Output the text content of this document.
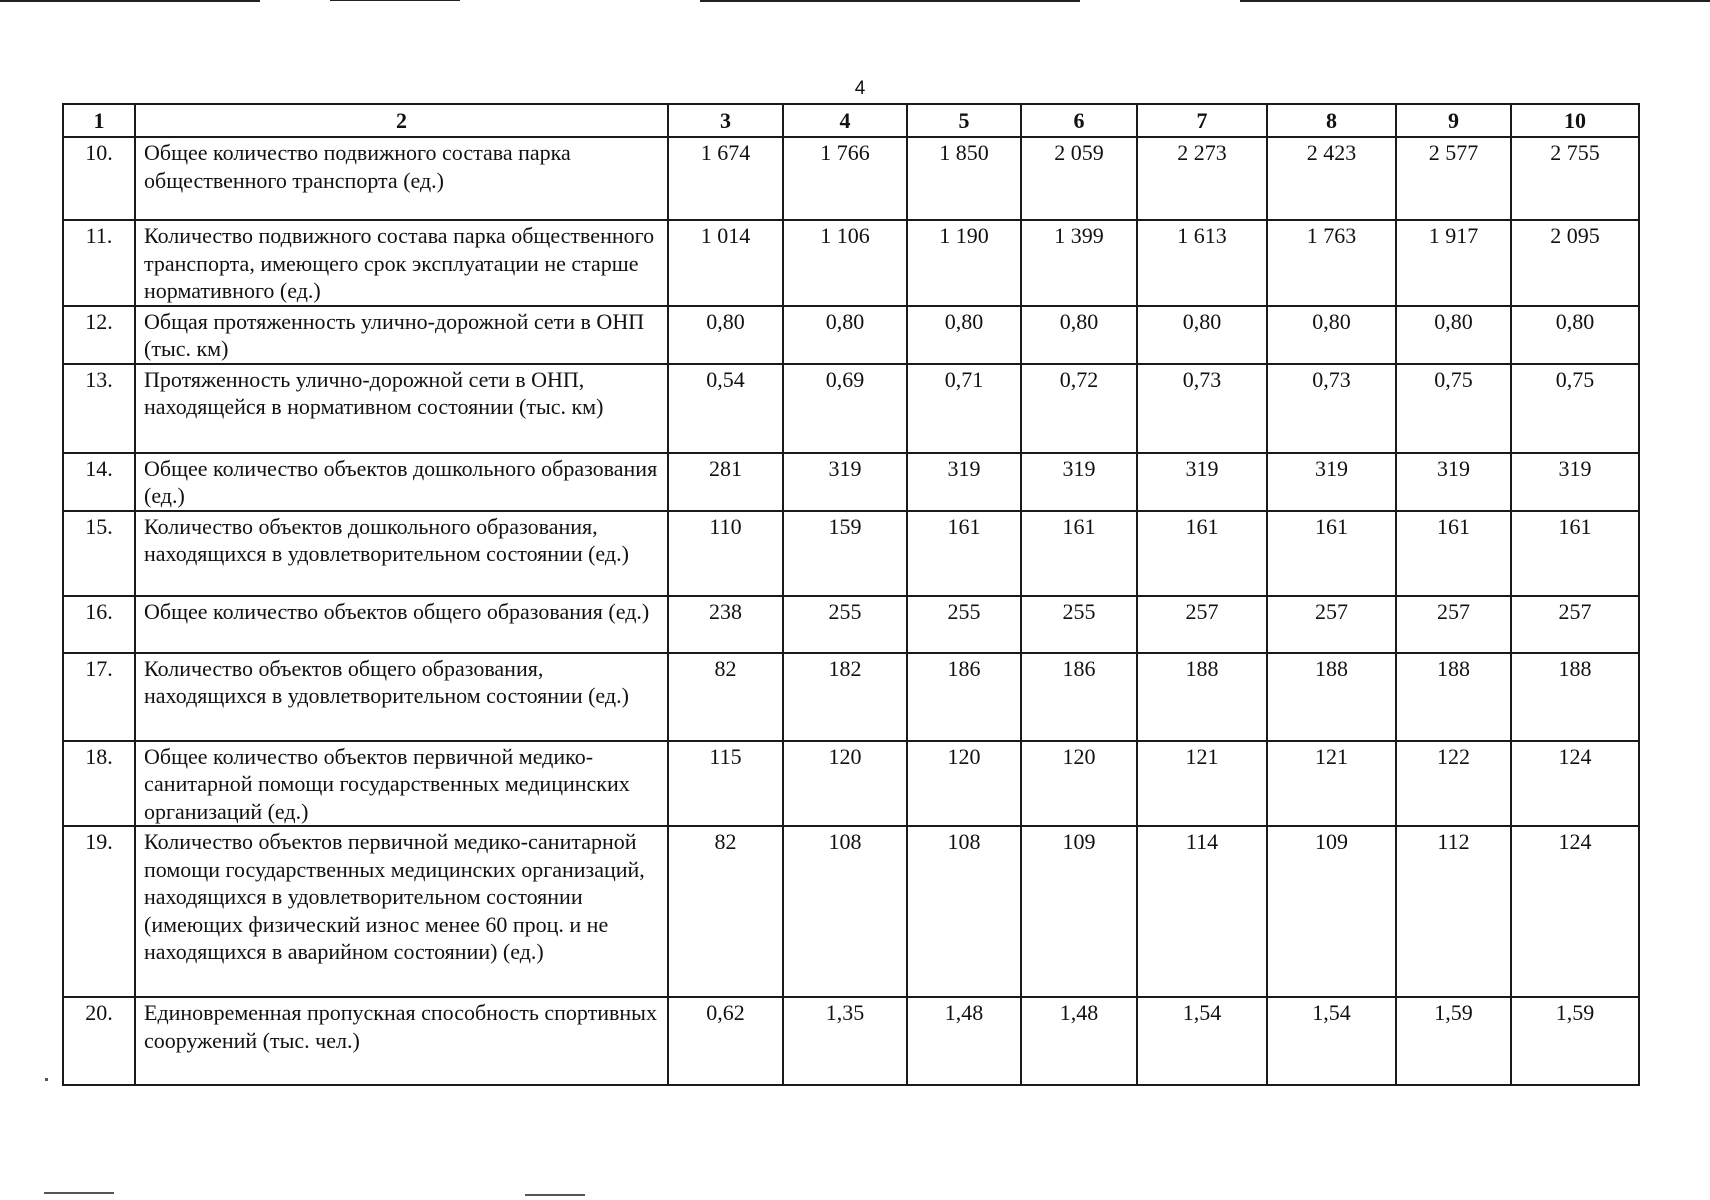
4
1	2	3	4	5	6	7	8	9	10
10.	Общее количество подвижного состава парка общественного транспорта (ед.)	1 674	1 766	1 850	2 059	2 273	2 423	2 577	2 755
11.	Количество подвижного состава парка общественного транспорта, имеющего срок эксплуатации не старше нормативного (ед.)	1 014	1 106	1 190	1 399	1 613	1 763	1 917	2 095
12.	Общая протяженность улично-дорожной сети в ОНП (тыс. км)	0,80	0,80	0,80	0,80	0,80	0,80	0,80	0,80
13.	Протяженность улично-дорожной сети в ОНП, находящейся в нормативном состоянии (тыс. км)	0,54	0,69	0,71	0,72	0,73	0,73	0,75	0,75
14.	Общее количество объектов дошкольного образования (ед.)	281	319	319	319	319	319	319	319
15.	Количество объектов дошкольного образования, находящихся в удовлетворительном состоянии (ед.)	110	159	161	161	161	161	161	161
16.	Общее количество объектов общего образования (ед.)	238	255	255	255	257	257	257	257
17.	Количество объектов общего образования, находящихся в удовлетворительном состоянии (ед.)	82	182	186	186	188	188	188	188
18.	Общее количество объектов первичной медико-санитарной помощи государственных медицинских организаций (ед.)	115	120	120	120	121	121	122	124
19.	Количество объектов первичной медико-санитарной помощи государственных медицинских организаций, находящихся в удовлетворительном состоянии (имеющих физический износ менее 60 проц. и не находящихся в аварийном состоянии) (ед.)	82	108	108	109	114	109	112	124
20.	Единовременная пропускная способность спортивных сооружений (тыс. чел.)	0,62	1,35	1,48	1,48	1,54	1,54	1,59	1,59
